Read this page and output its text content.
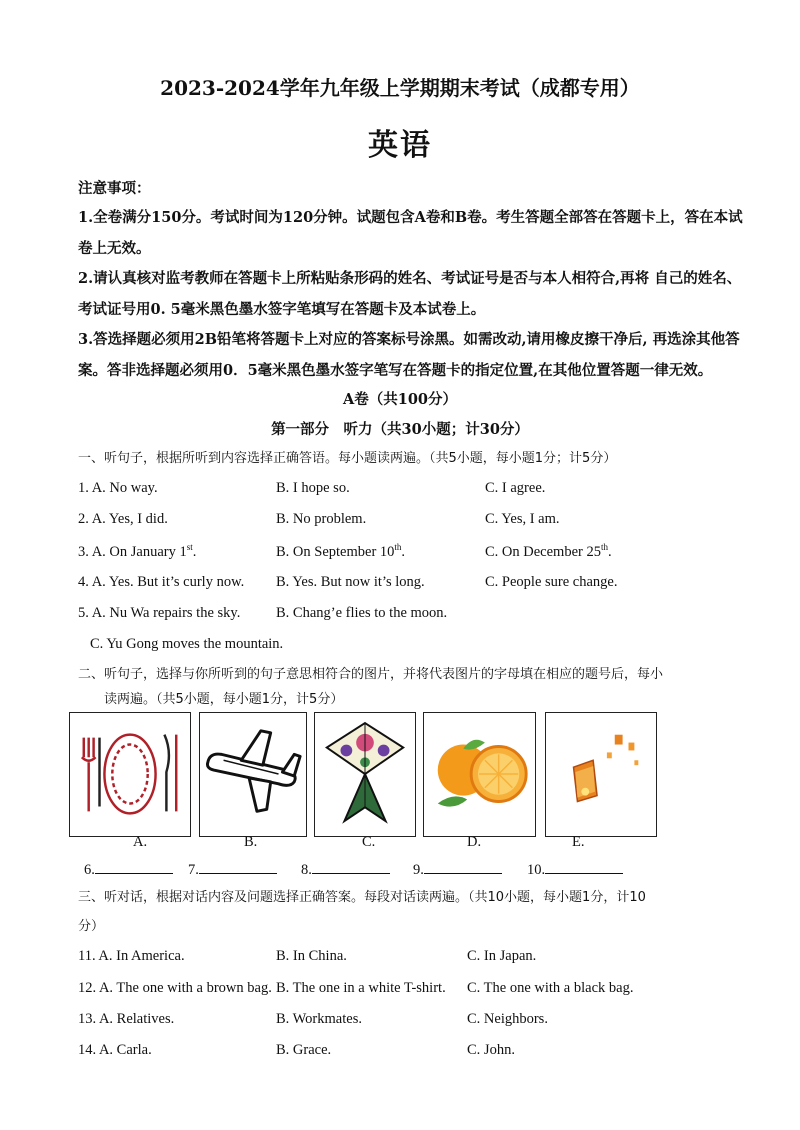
2023-2024学年九年级上学期期末考试（成都专用）
英语
注意事项：
1.全卷满分150分。考试时间为120分钟。试题包含A卷和B卷。考生答题全部答在答题卡上，答在本试
卷上无效。
2.请认真核对监考教师在答题卡上所粘贴条形码的姓名、考试证号是否与本人相符合,再将 自己的姓名、
考试证号用0. 5毫米黑色墨水签字笔填写在答题卡及本试卷上。
3.答选择题必须用2B铅笔将答题卡上对应的答案标号涂黑。如需改动,请用橡皮擦干净后, 再选涂其他答
案。答非选择题必须用0．5毫米黑色墨水签字笔写在答题卡的指定位置,在其他位置答题一律无效。
A卷（共100分）
第一部分　听力（共30小题；计30分）
一、听句子，根据所听到内容选择正确答语。每小题读两遍。（共5小题，每小题1分；计5分）
1. A. No way.	B. I hope so.	C. I agree.
2. A. Yes, I did.	B. No problem.	C. Yes, I am.
3. A. On January 1st.	B. On September 10th.	C. On December 25th.
4. A. Yes. But it’s curly now. B. Yes. But now it’s long.	C. People sure change.
5. A. Nu Wa repairs the sky. B. Chang’e flies to the moon.
C. Yu Gong moves the mountain.
二、听句子，选择与你所听到的句子意思相符合的图片，并将代表图片的字母填在相应的题号后，每小
读两遍。（共5小题，每小题1分，计5分）
A.	B.	C.	D.	E.
6.	7.	8.	9.	10.
三、听对话，根据对话内容及问题选择正确答案。每段对话读两遍。（共10小题，每小题1分，计10
分）
11. A. In America.	B. In China.	C. In Japan.
12. A. The one with a brown bag. B. The one in a white T-shirt. C. The one with a black bag.
13. A. Relatives.	B. Workmates.	C. Neighbors.
14. A. Carla.	B. Grace.	C. John.
